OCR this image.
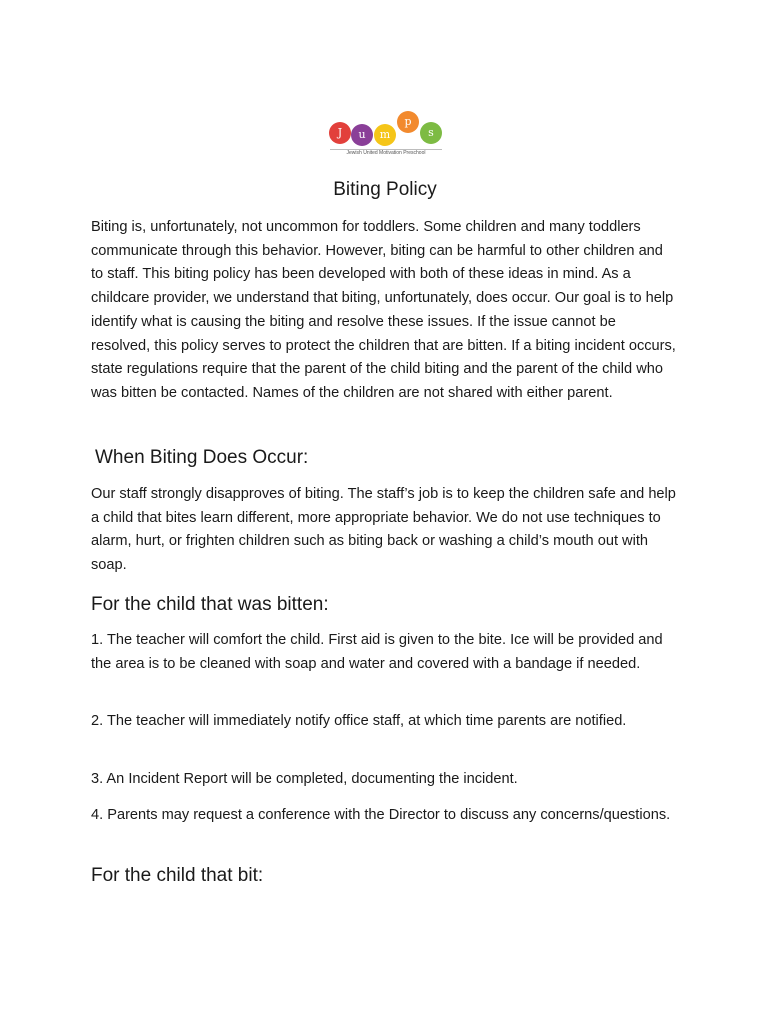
J	u	m
p
s
Jewish United Motivation Preschool
Biting Policy

Biting is, unfortunately, not uncommon for toddlers. Some children and many toddlers communicate through this behavior. However, biting can be harmful to other children and to staff. This biting policy has been developed with both of these ideas in mind. As a childcare provider, we understand that biting, unfortunately, does occur. Our goal is to help identify what is causing the biting and resolve these issues. If the issue cannot be resolved, this policy serves to protect the children that are bitten. If a biting incident occurs, state regulations require that the parent of the child biting and the parent of the child who was bitten be contacted. Names of the children are not shared with either parent.

When Biting Does Occur:

Our staff strongly disapproves of biting. The staff’s job is to keep the children safe and help a child that bites learn different, more appropriate behavior. We do not use techniques to alarm, hurt, or frighten children such as biting back or washing a child’s mouth out with soap.

For the child that was bitten:

1. The teacher will comfort the child. First aid is given to the bite. Ice will be provided and the area is to be cleaned with soap and water and covered with a bandage if needed.

2. The teacher will immediately notify office staff, at which time parents are notified.

3. An Incident Report will be completed, documenting the incident.

4. Parents may request a conference with the Director to discuss any concerns/questions.

For the child that bit:
